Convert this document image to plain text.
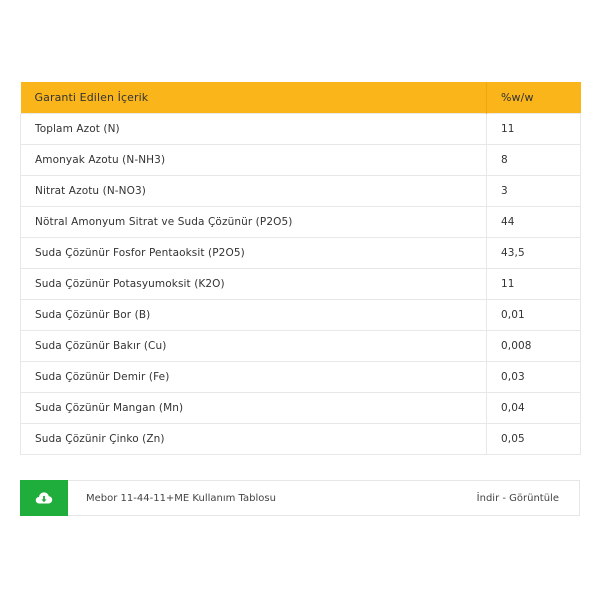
Garanti Edilen İçerik	%w/w
Toplam Azot (N)	11
Amonyak Azotu (N-NH3)	8
Nitrat Azotu (N-NO3)	3
Nötral Amonyum Sitrat ve Suda Çözünür (P2O5)	44
Suda Çözünür Fosfor Pentaoksit (P2O5)	43,5
Suda Çözünür Potasyumoksit (K2O)	11
Suda Çözünür Bor (B)	0,01
Suda Çözünür Bakır (Cu)	0,008
Suda Çözünür Demir (Fe)	0,03
Suda Çözünür Mangan (Mn)	0,04
Suda Çözünir Çinko (Zn)	0,05
Mebor 11-44-11+ME Kullanım Tablosu	İndir - Görüntüle
